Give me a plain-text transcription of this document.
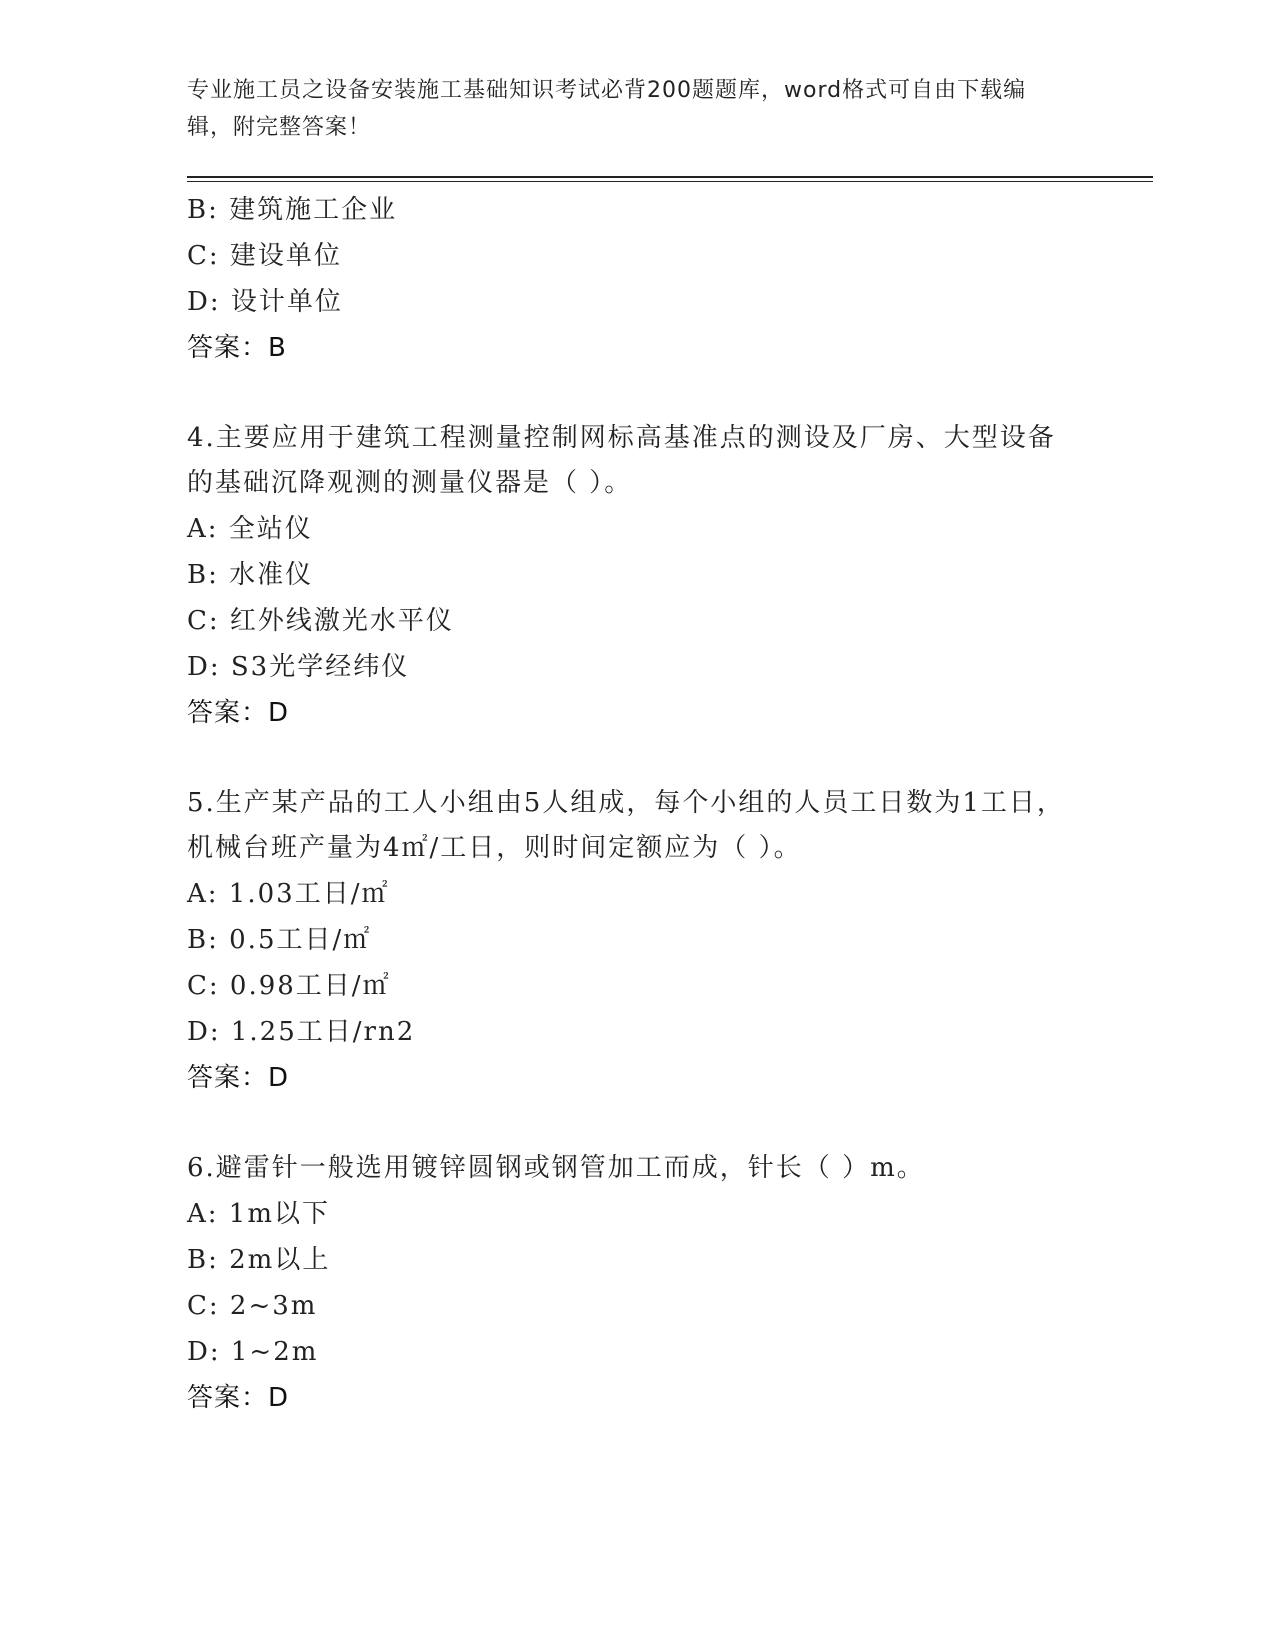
专业施工员之设备安装施工基础知识考试必背200题题库，word格式可自由下载编辑，附完整答案！

B: 建筑施工企业
C: 建设单位
D: 设计单位
答案：B
4.主要应用于建筑工程测量控制网标高基准点的测设及厂房、大型设备的基础沉降观测的测量仪器是（ ）。
A: 全站仪
B: 水准仪
C: 红外线激光水平仪
D: S3光学经纬仪
答案：D
5.生产某产品的工人小组由5人组成，每个小组的人员工日数为1工日，机械台班产量为4㎡/工日，则时间定额应为（ ）。
A: 1.03工日/㎡
B: 0.5工日/㎡
C: 0.98工日/㎡
D: 1.25工日/rn2
答案：D
6.避雷针一般选用镀锌圆钢或钢管加工而成，针长（ ）m。
A: 1m以下
B: 2m以上
C: 2~3m
D: 1~2m
答案：D
